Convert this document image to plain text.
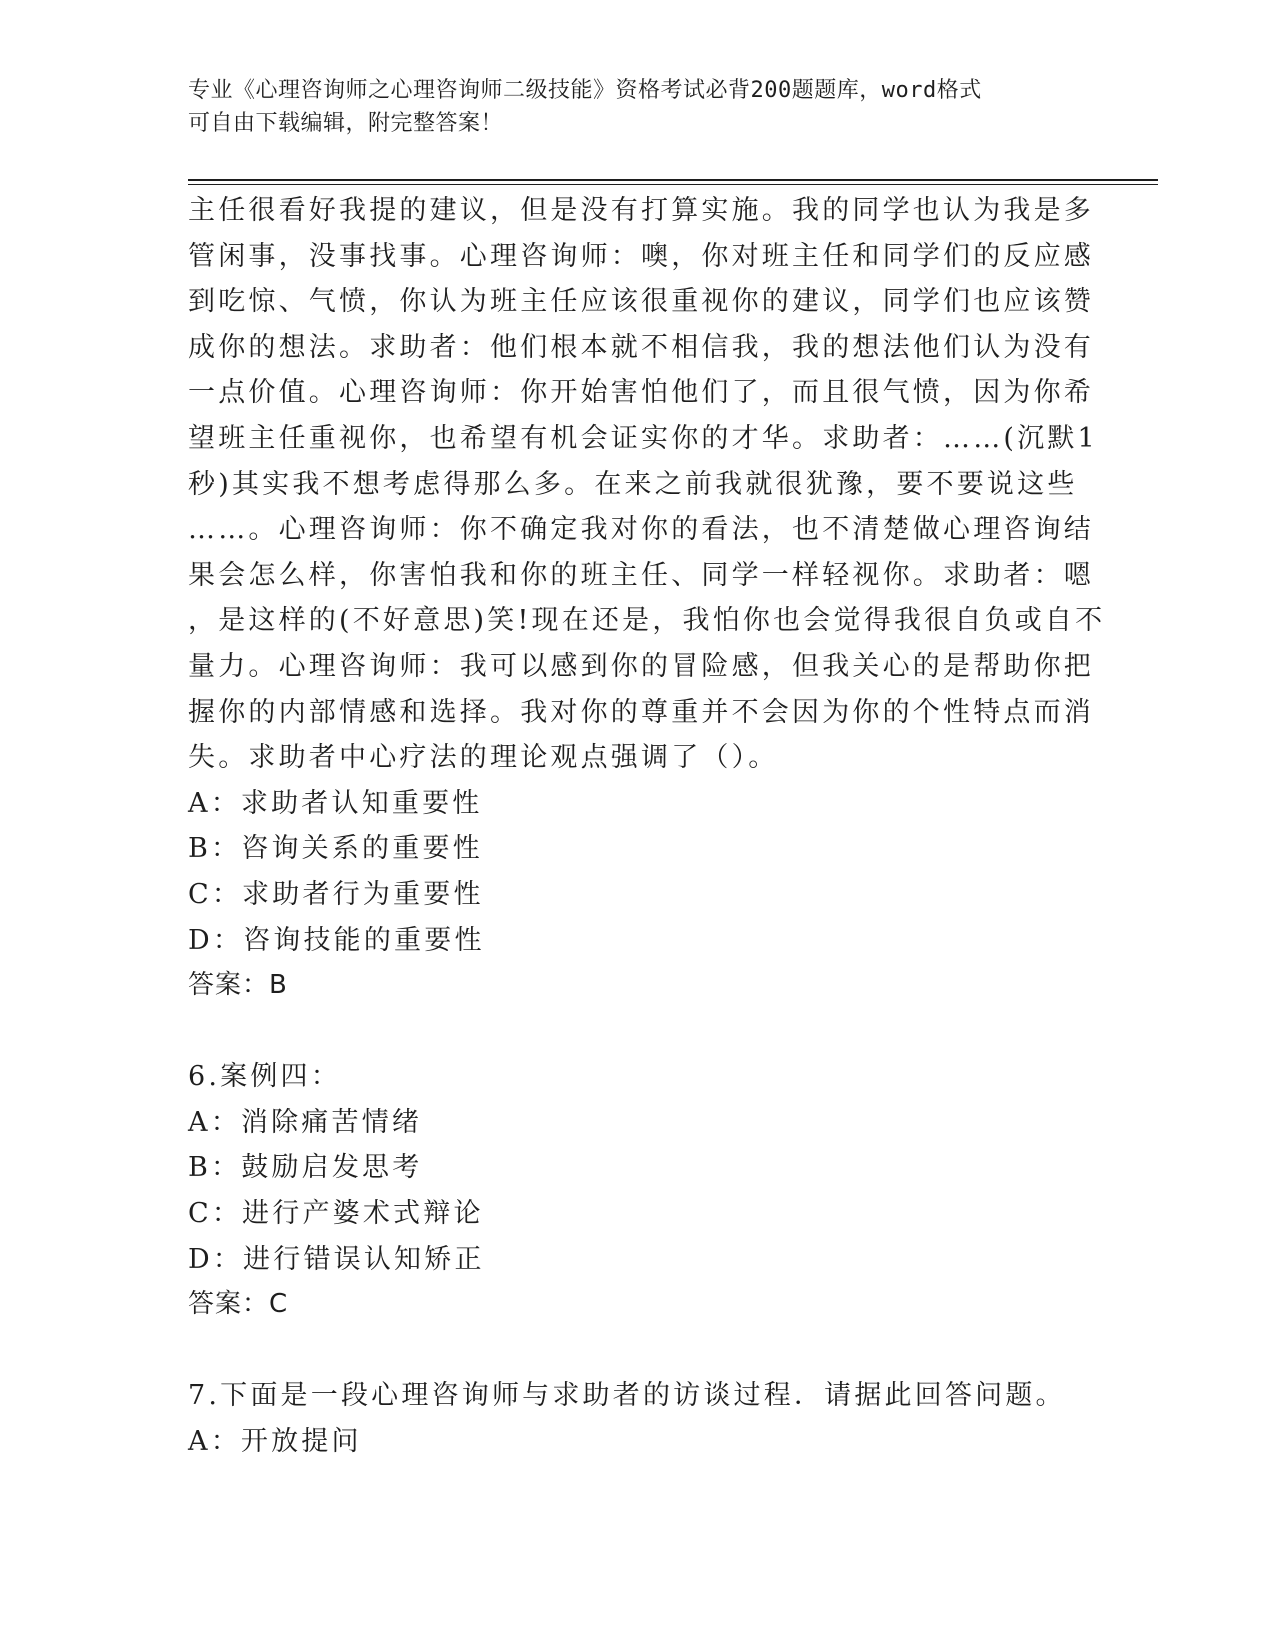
专业《心理咨询师之心理咨询师二级技能》资格考试必背200题题库，word格式
可自由下载编辑，附完整答案！
主任很看好我提的建议，但是没有打算实施。我的同学也认为我是多
管闲事，没事找事。心理咨询师：噢，你对班主任和同学们的反应感
到吃惊、气愤，你认为班主任应该很重视你的建议，同学们也应该赞
成你的想法。求助者：他们根本就不相信我，我的想法他们认为没有
一点价值。心理咨询师：你开始害怕他们了，而且很气愤，因为你希
望班主任重视你，也希望有机会证实你的才华。求助者：……(沉默1
秒)其实我不想考虑得那么多。在来之前我就很犹豫，要不要说这些
……。心理咨询师：你不确定我对你的看法，也不清楚做心理咨询结
果会怎么样，你害怕我和你的班主任、同学一样轻视你。求助者：嗯
，是这样的(不好意思)笑!现在还是，我怕你也会觉得我很自负或自不
量力。心理咨询师：我可以感到你的冒险感，但我关心的是帮助你把
握你的内部情感和选择。我对你的尊重并不会因为你的个性特点而消
失。求助者中心疗法的理论观点强调了（）。
A：求助者认知重要性
B：咨询关系的重要性
C：求助者行为重要性
D：咨询技能的重要性
答案：B
6.案例四：
A：消除痛苦情绪
B：鼓励启发思考
C：进行产婆术式辩论
D：进行错误认知矫正
答案：C
7.下面是一段心理咨询师与求助者的访谈过程．请据此回答问题。
A：开放提问
